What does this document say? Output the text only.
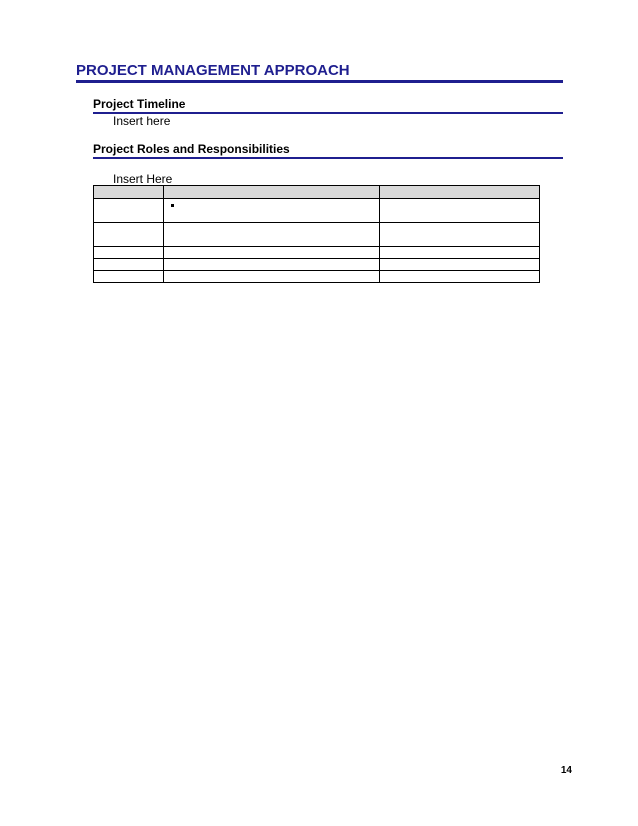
PROJECT MANAGEMENT APPROACH
Project Timeline

Insert here

Project Roles and Responsibilities

Insert Here

14
